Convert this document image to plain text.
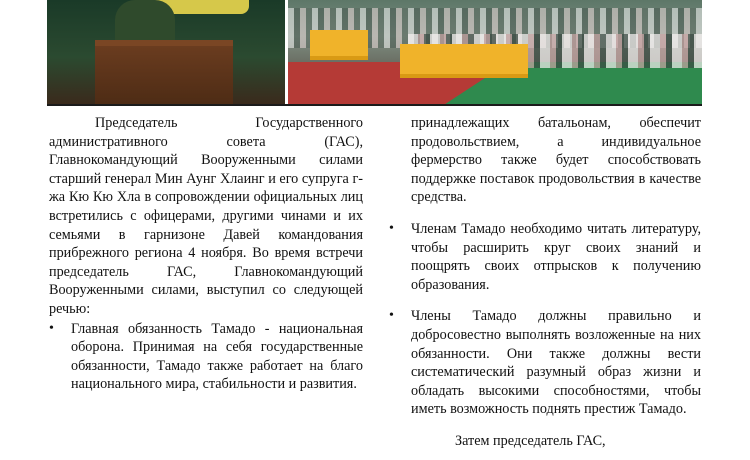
Председатель Государственного административного совета (ГАС), Главнокомандующий Вооруженными силами старший генерал Мин Аунг Хлаинг и его супруга г-жа Кю Кю Хла в сопровождении официальных лиц встретились с офицерами, другими чинами и их семьями в гарнизоне Давей командования прибрежного региона 4 ноября. Во время встречи председатель ГАС, Главнокомандующий Вооруженными силами, выступил со следующей речью:

• Главная обязанность Тамадо - национальная оборона. Принимая на себя государственные обязанности, Тамадо также работает на благо национального мира, стабильности и развития.

принадлежащих батальонам, обеспечит продовольствием, а индивидуальное фермерство также будет способствовать поддержке поставок продовольствия в качестве средства.

• Членам Тамадо необходимо читать литературу, чтобы расширить круг своих знаний и поощрять своих отпрысков к получению образования.
• Члены Тамадо должны правильно и добросовестно выполнять возложенные на них обязанности. Они также должны вести систематический разумный образ жизни и обладать высокими способностями, чтобы иметь возможность поднять престиж Тамадо.

Затем председатель ГАС,
